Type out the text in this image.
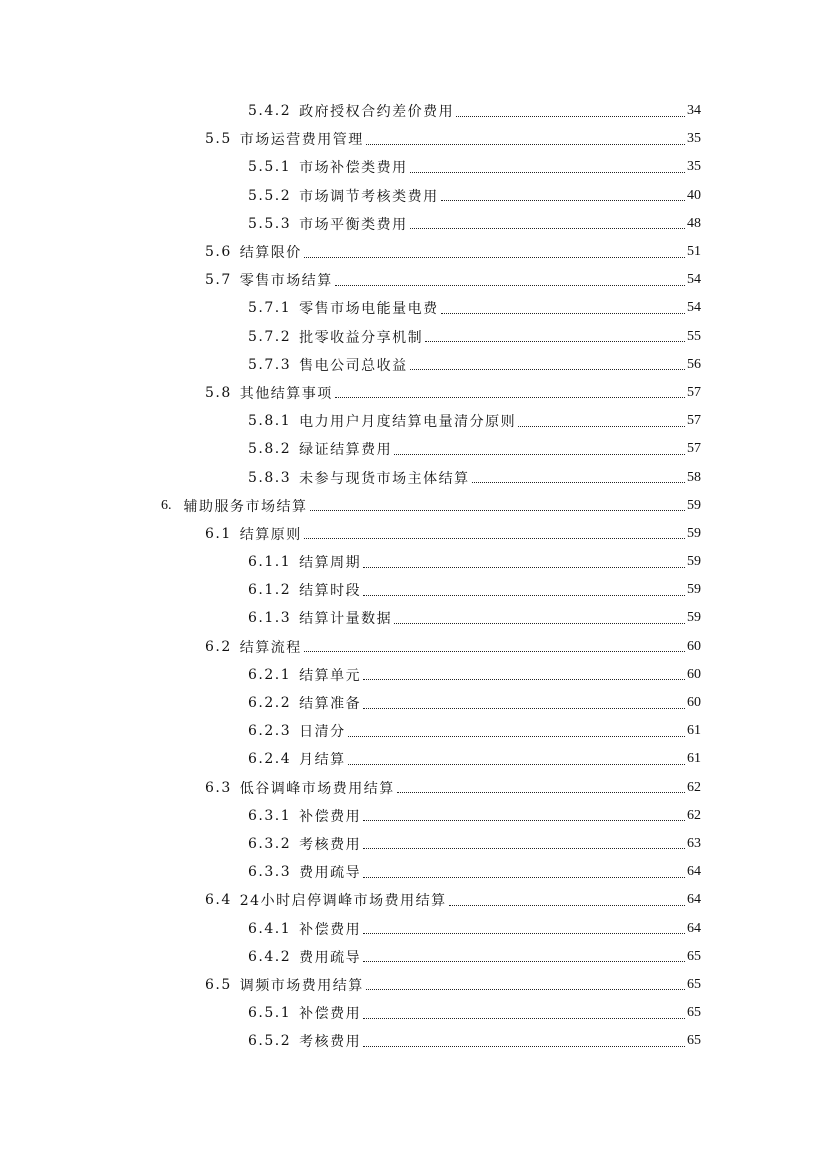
5.4.2 政府授权合约差价费用	34
5.5 市场运营费用管理	35
5.5.1 市场补偿类费用	35
5.5.2 市场调节考核类费用	40
5.5.3 市场平衡类费用	48
5.6 结算限价	51
5.7 零售市场结算	54
5.7.1 零售市场电能量电费	54
5.7.2 批零收益分享机制	55
5.7.3 售电公司总收益	56
5.8 其他结算事项	57
5.8.1 电力用户月度结算电量清分原则	57
5.8.2 绿证结算费用	57
5.8.3 未参与现货市场主体结算	58
6. 辅助服务市场结算	59
6.1 结算原则	59
6.1.1 结算周期	59
6.1.2 结算时段	59
6.1.3 结算计量数据	59
6.2 结算流程	60
6.2.1 结算单元	60
6.2.2 结算准备	60
6.2.3 日清分	61
6.2.4 月结算	61
6.3 低谷调峰市场费用结算	62
6.3.1 补偿费用	62
6.3.2 考核费用	63
6.3.3 费用疏导	64
6.4 24小时启停调峰市场费用结算	64
6.4.1 补偿费用	64
6.4.2 费用疏导	65
6.5 调频市场费用结算	65
6.5.1 补偿费用	65
6.5.2 考核费用	65
